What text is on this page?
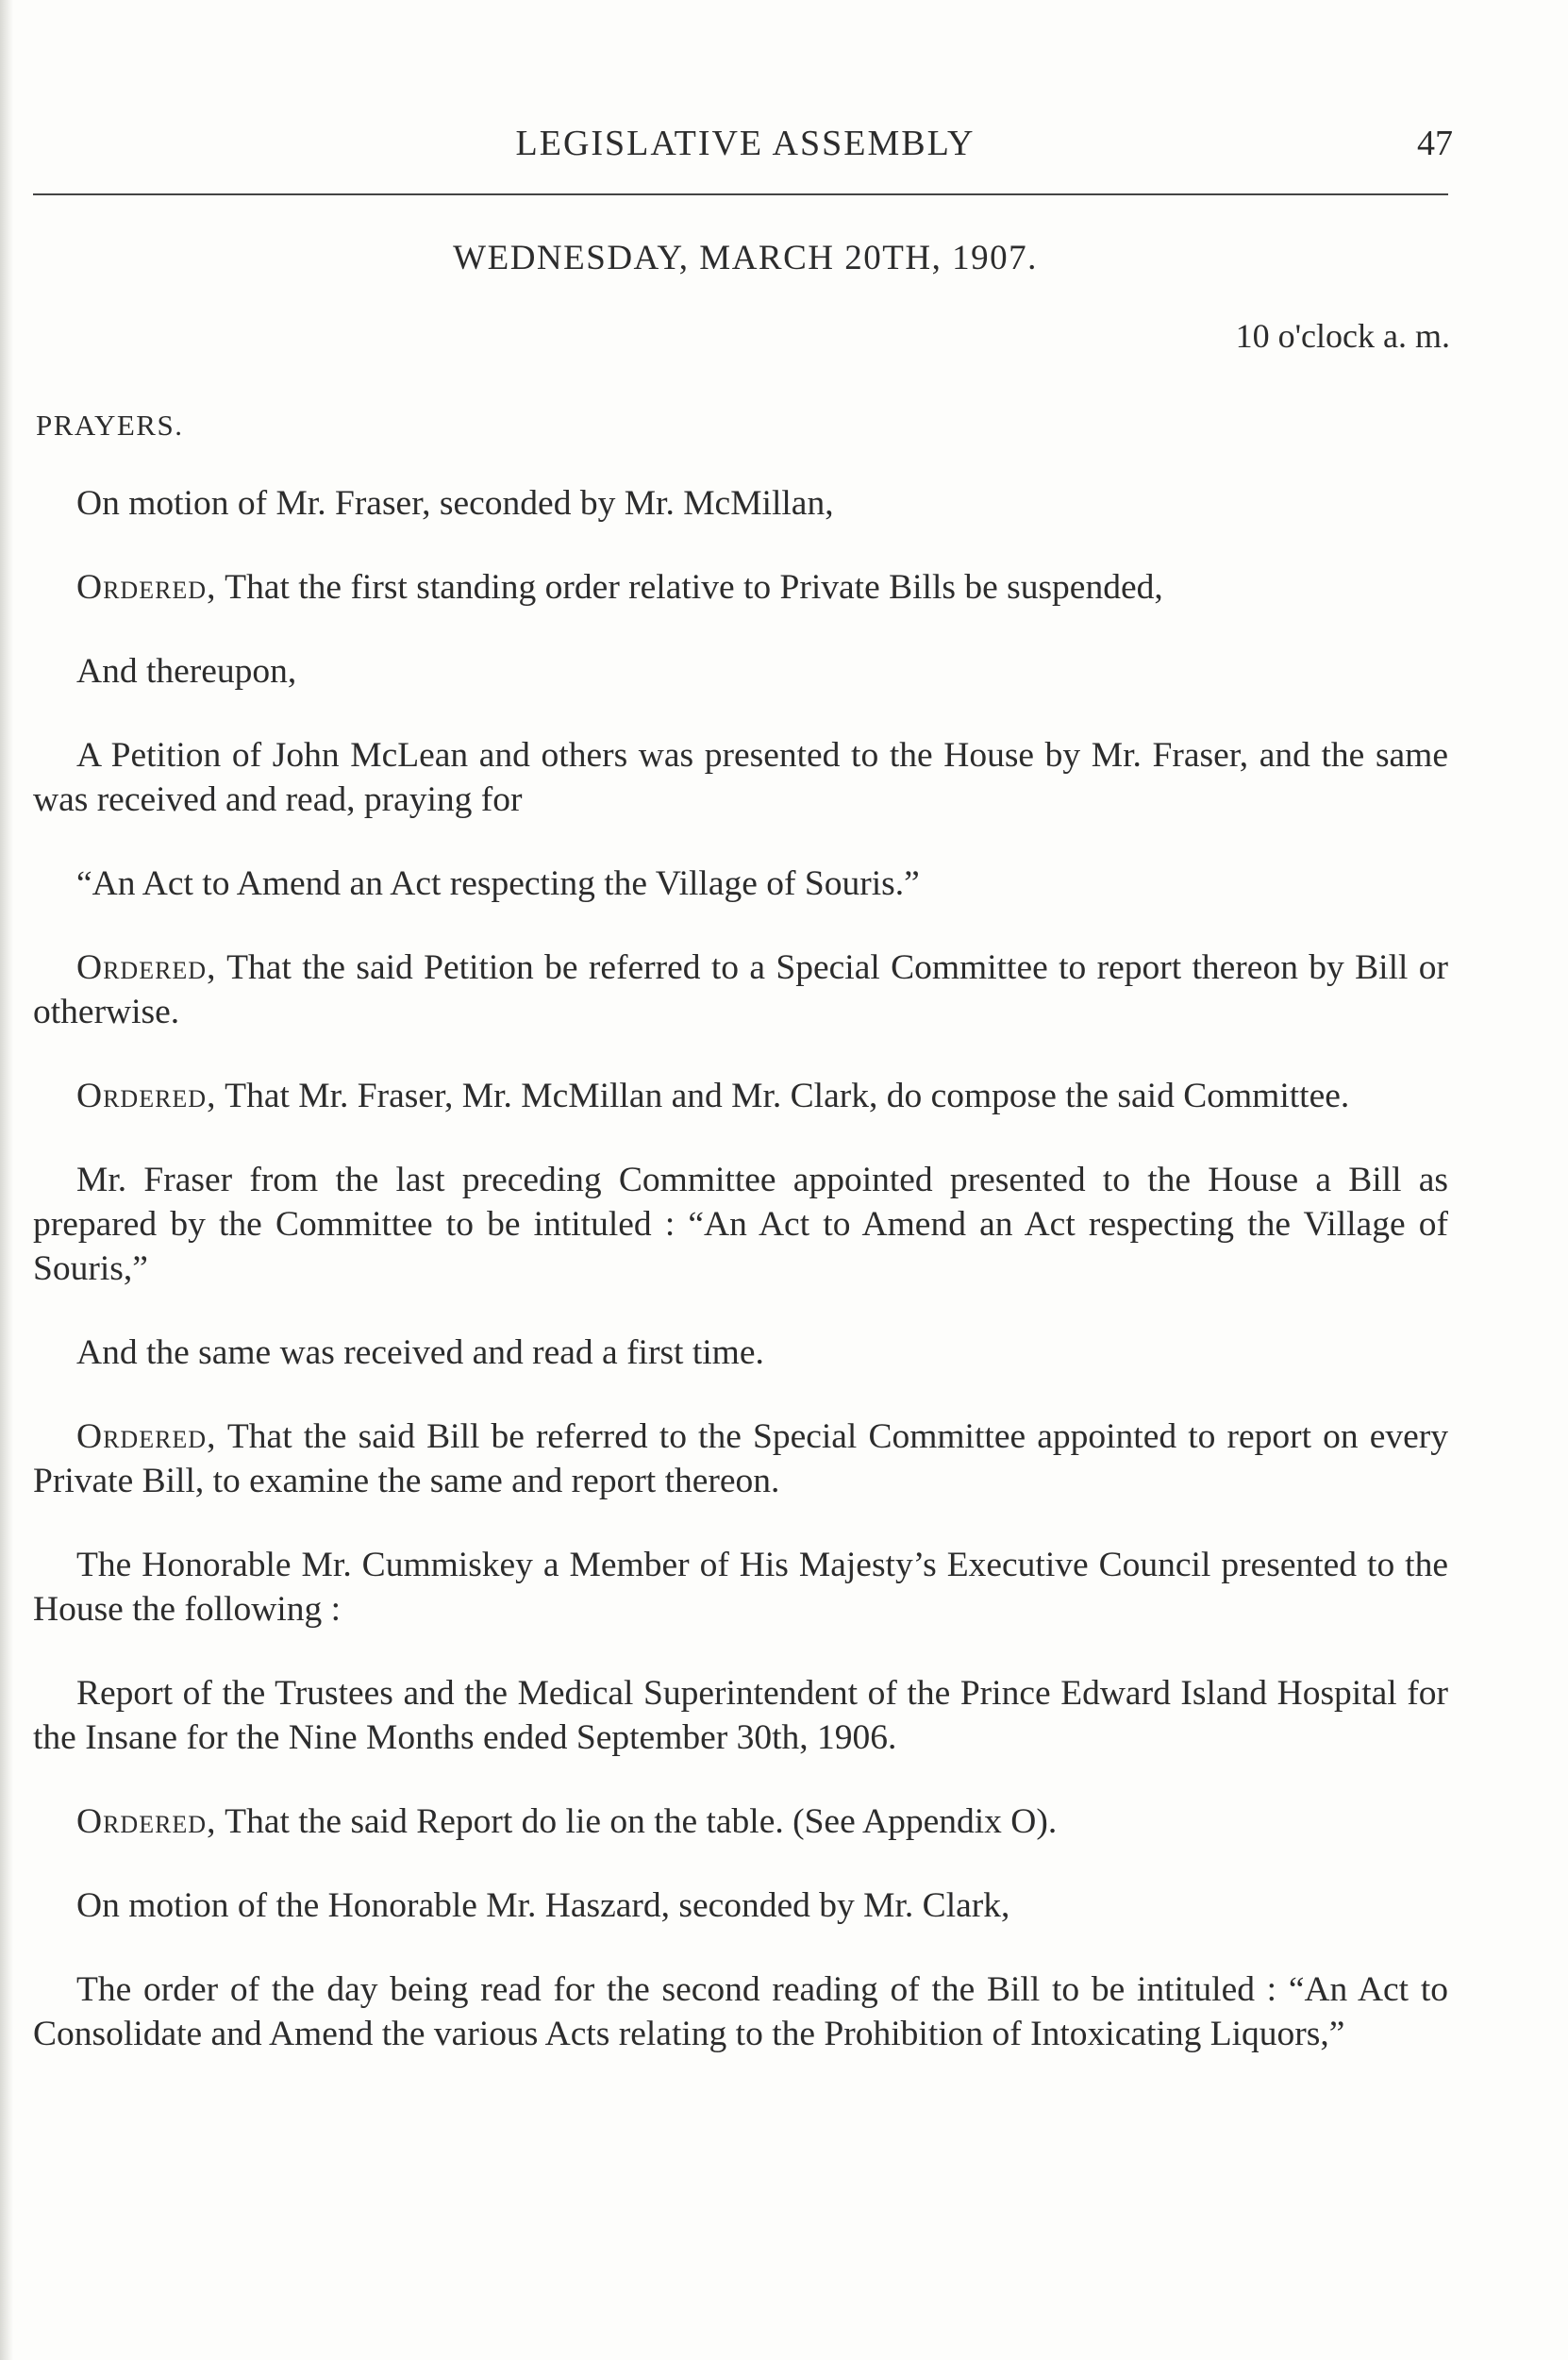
LEGISLATIVE ASSEMBLY	47
WEDNESDAY, MARCH 20TH, 1907.
10 o'clock a. m.
PRAYERS.

On motion of Mr. Fraser, seconded by Mr. McMillan,

Ordered, That the first standing order relative to Private Bills be suspended,

And thereupon,

A Petition of John McLean and others was presented to the House by Mr. Fraser, and the same was received and read, praying for

“An Act to Amend an Act respecting the Village of Souris.”

Ordered, That the said Petition be referred to a Special Committee to report thereon by Bill or otherwise.

Ordered, That Mr. Fraser, Mr. McMillan and Mr. Clark, do compose the said Committee.

Mr. Fraser from the last preceding Committee appointed presented to the House a Bill as prepared by the Committee to be intituled : “An Act to Amend an Act respecting the Village of Souris,”

And the same was received and read a first time.

Ordered, That the said Bill be referred to the Special Committee appointed to report on every Private Bill, to examine the same and report thereon.

The Honorable Mr. Cummiskey a Member of His Majesty’s Executive Council presented to the House the following :

Report of the Trustees and the Medical Superintendent of the Prince Edward Island Hospital for the Insane for the Nine Months ended September 30th, 1906.

Ordered, That the said Report do lie on the table. (See Appendix O).

On motion of the Honorable Mr. Haszard, seconded by Mr. Clark,

The order of the day being read for the second reading of the Bill to be intituled : “An Act to Consolidate and Amend the various Acts relating to the Prohibition of Intoxicating Liquors,”
